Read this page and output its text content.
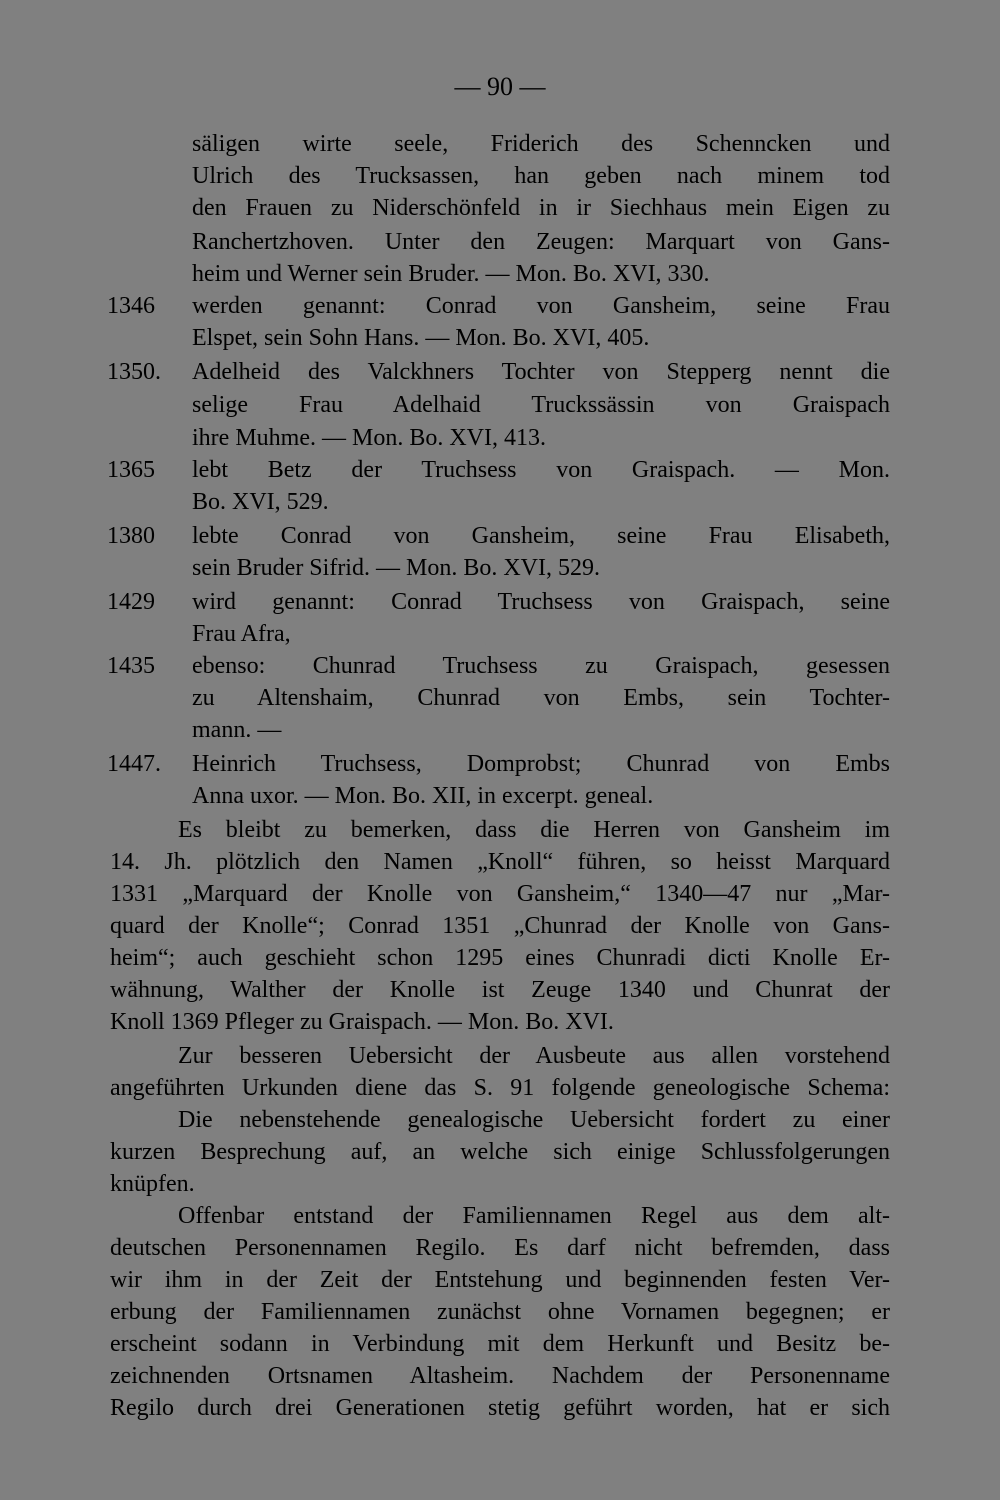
— 90 —

säligen wirte seele, Friderich des Schenncken und

Ulrich des Trucksassen, han geben nach minem tod

den Frauen zu Niderschönfeld in ir Siechhaus mein Eigen zu

Ranchertzhoven. Unter den Zeugen: Marquart von Gans-

heim und Werner sein Bruder. — Mon. Bo. XVI, 330.

1346 werden genannt: Conrad von Gansheim, seine Frau

Elspet, sein Sohn Hans. — Mon. Bo. XVI, 405.

1350. Adelheid des Valckhners Tochter von Stepperg nennt die

selige Frau Adelhaid Truckssässin von Graispach

ihre Muhme. — Mon. Bo. XVI, 413.

1365 lebt Betz der Truchsess von Graispach. — Mon.

Bo. XVI, 529.

1380 lebte Conrad von Gansheim, seine Frau Elisabeth,

sein Bruder Sifrid. — Mon. Bo. XVI, 529.

1429 wird genannt: Conrad Truchsess von Graispach, seine

Frau Afra,

1435 ebenso: Chunrad Truchsess zu Graispach, gesessen

zu Altenshaim, Chunrad von Embs, sein Tochter-

mann. —

1447. Heinrich Truchsess, Domprobst; Chunrad von Embs

Anna uxor. — Mon. Bo. XII, in excerpt. geneal.

Es bleibt zu bemerken, dass die Herren von Gansheim im

14. Jh. plötzlich den Namen „Knoll“ führen, so heisst Marquard

1331 „Marquard der Knolle von Gansheim,“ 1340—47 nur „Mar-

quard der Knolle“; Conrad 1351 „Chunrad der Knolle von Gans-

heim“; auch geschieht schon 1295 eines Chunradi dicti Knolle Er-

wähnung, Walther der Knolle ist Zeuge 1340 und Chunrat der

Knoll 1369 Pfleger zu Graispach. — Mon. Bo. XVI.

Zur besseren Uebersicht der Ausbeute aus allen vorstehend

angeführten Urkunden diene das S. 91 folgende geneologische Schema:

Die nebenstehende genealogische Uebersicht fordert zu einer

kurzen Besprechung auf, an welche sich einige Schlussfolgerungen

knüpfen.

Offenbar entstand der Familiennamen Regel aus dem alt-

deutschen Personennamen Regilo. Es darf nicht befremden, dass

wir ihm in der Zeit der Entstehung und beginnenden festen Ver-

erbung der Familiennamen zunächst ohne Vornamen begegnen; er

erscheint sodann in Verbindung mit dem Herkunft und Besitz be-

zeichnenden Ortsnamen Altasheim. Nachdem der Personenname

Regilo durch drei Generationen stetig geführt worden, hat er sich
